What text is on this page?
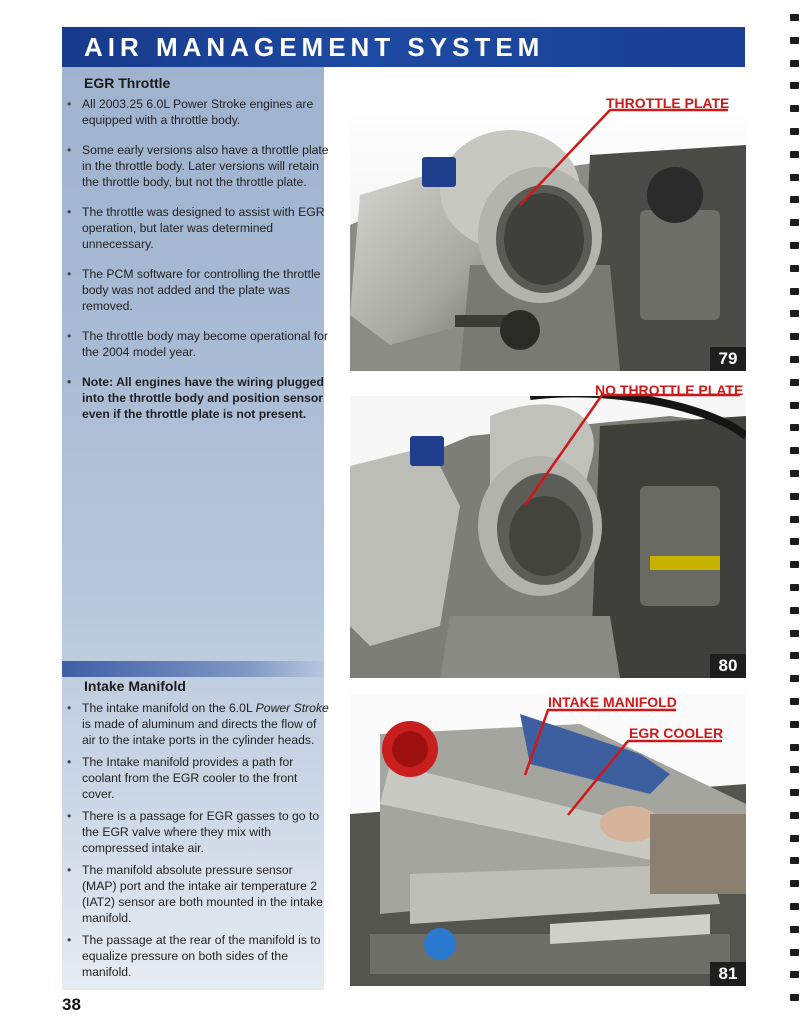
AIR MANAGEMENT SYSTEM
EGR Throttle
• All 2003.25 6.0L Power Stroke engines are equipped with a throttle body.
• Some early versions also have a throttle plate in the throttle body. Later versions will retain the throttle body, but not the throttle plate.
• The throttle was designed to assist with EGR operation, but later was determined unnecessary.
• The PCM software for controlling the throttle body was not added and the plate was removed.
• The throttle body may become operational for the 2004 model year.
• Note: All engines have the wiring plugged into the throttle body and position sensor even if the throttle plate is not present.
Intake Manifold
• The intake manifold on the 6.0L Power Stroke is made of aluminum and directs the flow of air to the intake ports in the cylinder heads.
• The Intake manifold provides a path for coolant from the EGR cooler to the front cover.
• There is a passage for EGR gasses to go to the EGR valve where they mix with compressed intake air.
• The manifold absolute pressure sensor (MAP) port and the intake air temperature 2 (IAT2) sensor are both mounted in the intake manifold.
• The passage at the rear of the manifold is to equalize pressure on both sides of the manifold.
79
80
81
THROTTLE PLATE
NO THROTTLE PLATE
INTAKE MANIFOLD
EGR COOLER
38
